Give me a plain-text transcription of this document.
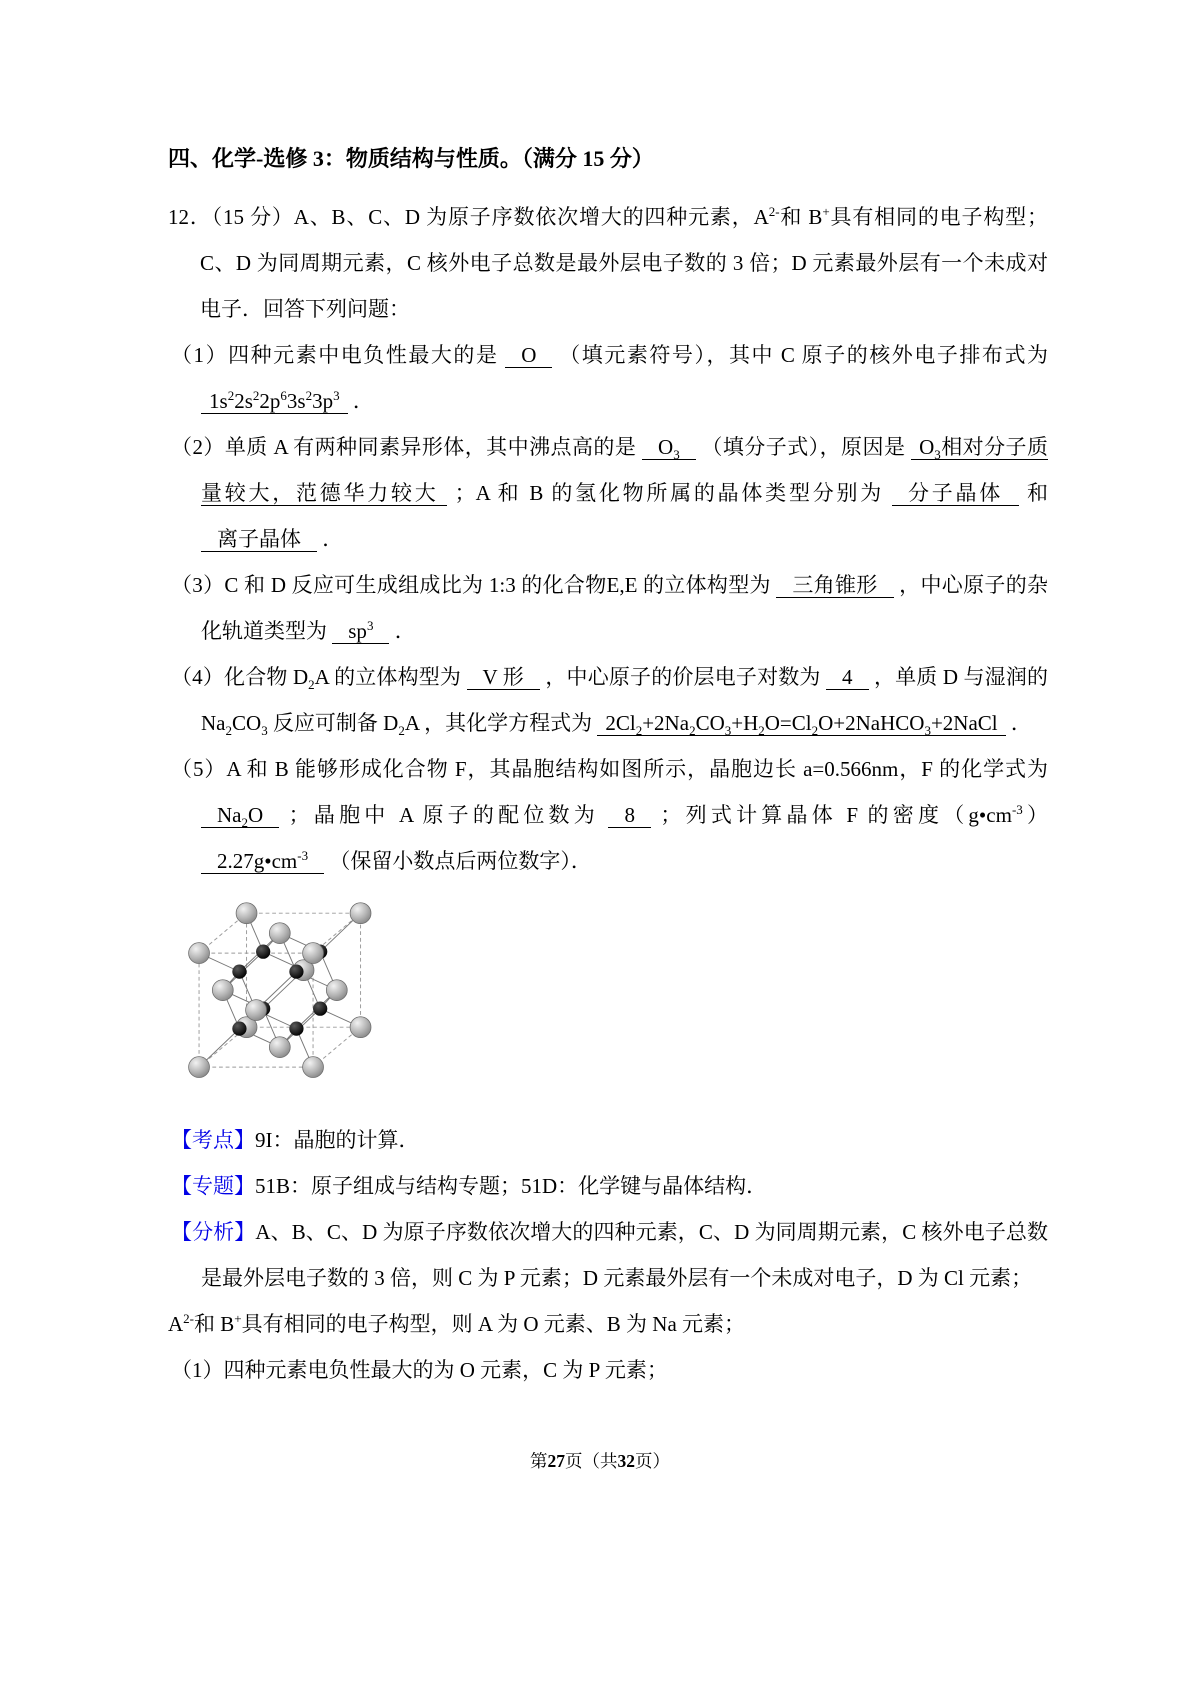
四、化学-选修 3：物质结构与性质。（满分 15 分）

12．（15 分）A、B、C、D 为原子序数依次增大的四种元素，$A^{2-}$和 B+具有相同的电子构型；C、D 为同周期元素，C 核外电子总数是最外层电子数的 3 倍；D 元素最外层有一个未成对电子．回答下列问题：

（1）四种元素中电负性最大的是 O （填元素符号），其中 C 原子的核外电子排布式为 $1s^22s^22p^63s^23p^3$ ．

（2）单质 A 有两种同素异形体，其中沸点高的是 $O_3$ （填分子式），原因是 $O_3$相对分子质量较大，范德华力较大 ；A 和 B 的氢化物所属的晶体类型分别为 分子晶体 和 离子晶体 ．

（3）C 和 D 反应可生成组成比为 1:3 的化合物E,E 的立体构型为 三角锥形 ，中心原子的杂化轨道类型为 $sp^3$ ．

（4）化合物 $D_2A$ 的立体构型为 V 形 ，中心原子的价层电子对数为 4 ，单质 D 与湿润的 $Na_2CO_3$ 反应可制备 $D_2A$ ，其化学方程式为 $2Cl_2+2Na_2CO_3+H_2O=Cl_2O+2NaHCO_3+2NaCl$ ．

（5）A 和 B 能够形成化合物 F，其晶胞结构如图所示，晶胞边长 a=0.566nm，F 的化学式为 $Na_2O$ ；晶胞中 A 原子的配位数为 8 ；列式计算晶体 F 的密度$(g•cm^{-3})$ $2.27g•cm^{-3}$ （保留小数点后两位数字）．

【考点】9I：晶胞的计算．

【专题】51B：原子组成与结构专题；51D：化学键与晶体结构．

【分析】A、B、C、D 为原子序数依次增大的四种元素，C、D 为同周期元素，C 核外电子总数是最外层电子数的 3 倍，则 C 为 P 元素；D 元素最外层有一个未成对电子，D 为 Cl 元素；

$A^{2-}$和 B+具有相同的电子构型，则 A 为 O 元素、B 为 Na 元素；

（1）四种元素电负性最大的为 O 元素，C 为 P 元素；

第27页（共32页）
